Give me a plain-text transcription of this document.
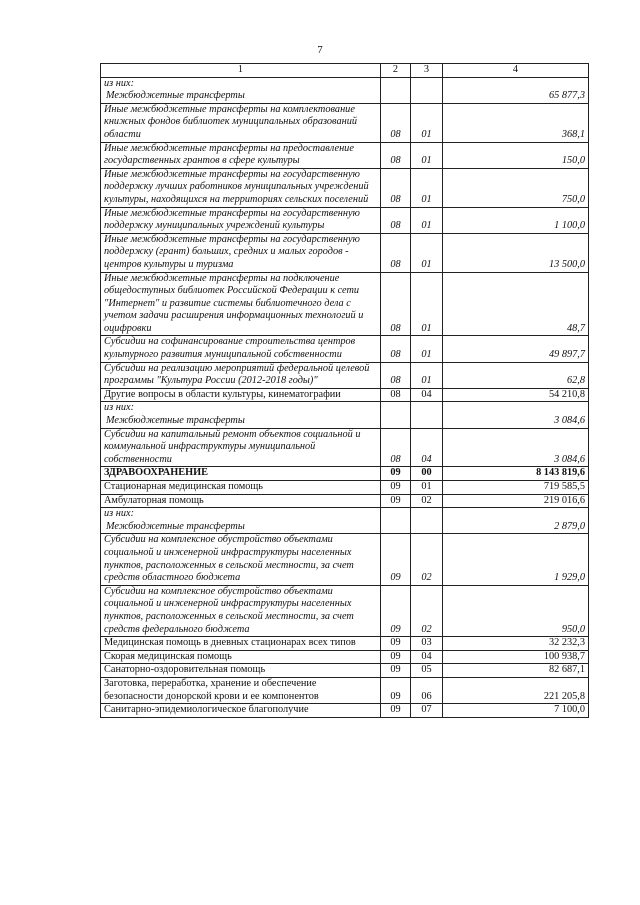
7
1	2	3	4

из них:
Межбюджетные трансферты			65 877,3

Иные межбюджетные трансферты на комплектование книжных фондов библиотек муниципальных образований области	08	01	368,1

Иные межбюджетные трансферты на предоставление государственных грантов в сфере культуры	08	01	150,0

Иные межбюджетные трансферты на государственную поддержку лучших работников муниципальных учреждений культуры, находящихся на территориях сельских поселений	08	01	750,0

Иные межбюджетные трансферты на государственную поддержку муниципальных учреждений культуры	08	01	1 100,0

Иные межбюджетные трансферты на государственную поддержку (грант) больших, средних и малых городов - центров культуры и туризма	08	01	13 500,0

Иные межбюджетные трансферты на подключение общедоступных библиотек Российской Федерации к сети "Интернет" и развитие системы библиотечного дела с учетом задачи расширения информационных технологий и оцифровки	08	01	48,7

Субсидии на софинансирование строительства центров культурного развития муниципальной собственности	08	01	49 897,7

Субсидии на реализацию мероприятий федеральной целевой программы "Культура России (2012-2018 годы)"	08	01	62,8

Другие вопросы в области культуры, кинематографии	08	04	54 210,8

из них:
Межбюджетные трансферты			3 084,6

Субсидии на капитальный ремонт объектов социальной и коммунальной инфраструктуры муниципальной собственности	08	04	3 084,6

ЗДРАВООХРАНЕНИЕ	09	00	8 143 819,6

Стационарная медицинская помощь	09	01	719 585,5

Амбулаторная помощь	09	02	219 016,6

из них:
Межбюджетные трансферты			2 879,0

Субсидии на комплексное обустройство объектами социальной и инженерной инфраструктуры населенных пунктов, расположенных в сельской местности, за счет средств областного бюджета	09	02	1 929,0

Субсидии на комплексное обустройство объектами социальной и инженерной инфраструктуры населенных пунктов, расположенных в сельской местности, за счет средств федерального бюджета	09	02	950,0

Медицинская помощь в дневных стационарах всех типов	09	03	32 232,3

Скорая медицинская помощь	09	04	100 938,7

Санаторно-оздоровительная помощь	09	05	82 687,1

Заготовка, переработка, хранение и обеспечение безопасности донорской крови и ее компонентов	09	06	221 205,8

Санитарно-эпидемиологическое благополучие	09	07	7 100,0
